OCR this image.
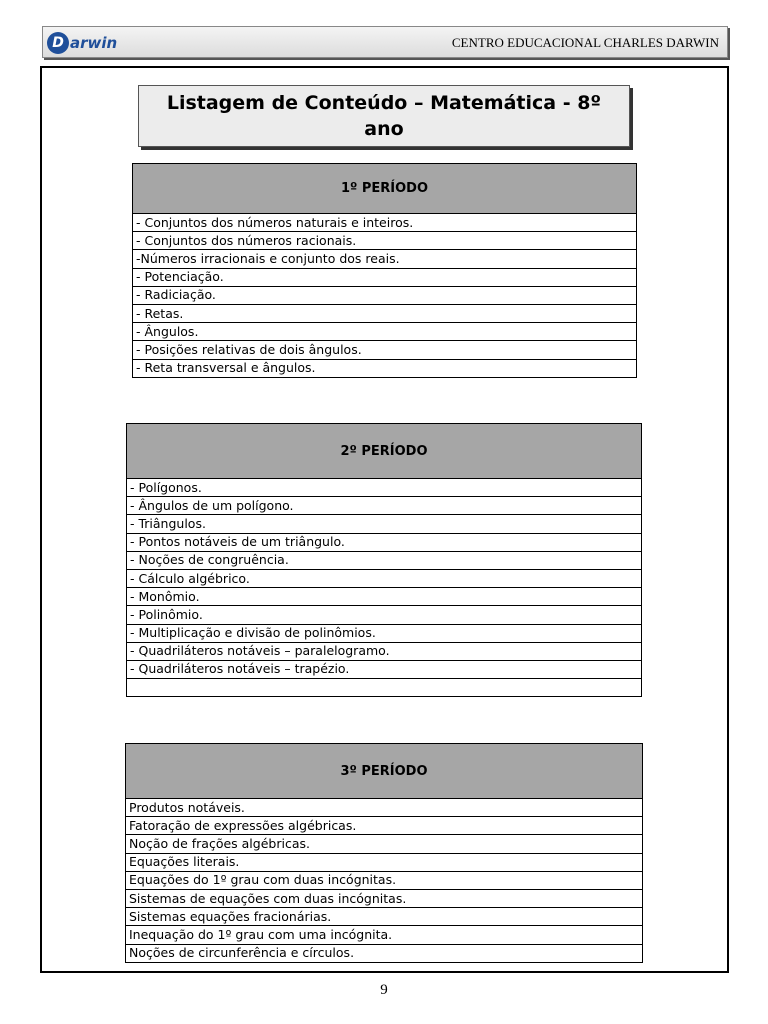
D arwin	CENTRO EDUCACIONAL CHARLES DARWIN
Listagem de Conteúdo – Matemática - 8º ano
1º PERÍODO
- Conjuntos dos números naturais e inteiros.
- Conjuntos dos números racionais.
-Números irracionais e conjunto dos reais.
- Potenciação.
- Radiciação.
- Retas.
- Ângulos.
- Posições relativas de dois ângulos.
- Reta transversal e ângulos.
2º PERÍODO
- Polígonos.
- Ângulos de um polígono.
- Triângulos.
- Pontos notáveis de um triângulo.
- Noções de congruência.
- Cálculo algébrico.
- Monômio.
- Polinômio.
- Multiplicação e divisão de polinômios.
- Quadriláteros notáveis – paralelogramo.
- Quadriláteros notáveis – trapézio.

3º PERÍODO
Produtos notáveis.
Fatoração de expressões algébricas.
Noção de frações algébricas.
Equações literais.
Equações do 1º grau com duas incógnitas.
Sistemas de equações com duas incógnitas.
Sistemas equações fracionárias.
Inequação do 1º grau com uma incógnita.
Noções de circunferência e círculos.
9
